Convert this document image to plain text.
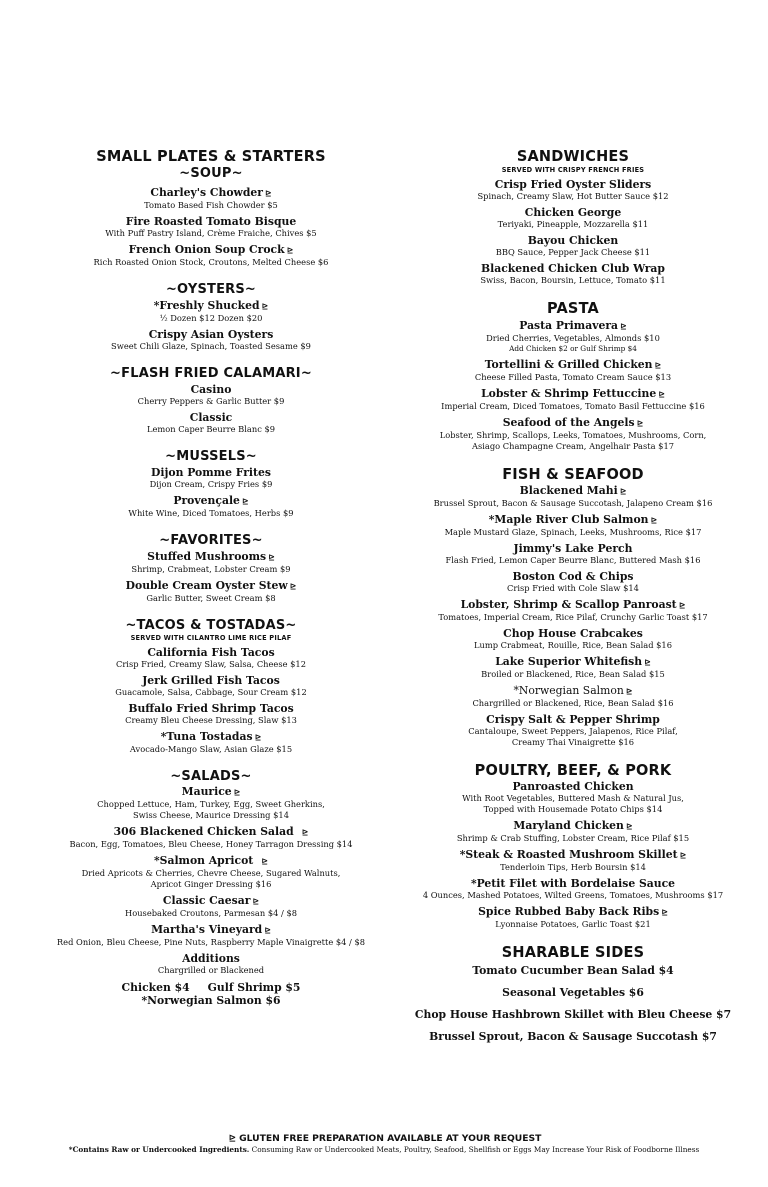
SMALL PLATES & STARTERS
~SOUP~
Charley's Chowder ⊵
Tomato Based Fish Chowder $5
Fire Roasted Tomato Bisque
With Puff Pastry Island, Crème Fraiche, Chives $5
French Onion Soup Crock ⊵
Rich Roasted Onion Stock, Croutons, Melted Cheese $6
~OYSTERS~
*Freshly Shucked ⊵
½ Dozen $12 Dozen $20
Crispy Asian Oysters
Sweet Chili Glaze, Spinach, Toasted Sesame $9
~FLASH FRIED CALAMARI~
Casino
Cherry Peppers & Garlic Butter $9
Classic
Lemon Caper Beurre Blanc $9
~MUSSELS~
Dijon Pomme Frites
Dijon Cream, Crispy Fries $9
Provençale ⊵
White Wine, Diced Tomatoes, Herbs $9
~FAVORITES~
Stuffed Mushrooms ⊵
Shrimp, Crabmeat, Lobster Cream $9
Double Cream Oyster Stew ⊵
Garlic Butter, Sweet Cream $8
~TACOS & TOSTADAS~
SERVED WITH CILANTRO LIME RICE PILAF
California Fish Tacos
Crisp Fried, Creamy Slaw, Salsa, Cheese $12
Jerk Grilled Fish Tacos
Guacamole, Salsa, Cabbage, Sour Cream $12
Buffalo Fried Shrimp Tacos
Creamy Bleu Cheese Dressing, Slaw $13
*Tuna Tostadas ⊵
Avocado-Mango Slaw, Asian Glaze $15
~SALADS~
Maurice ⊵
Chopped Lettuce, Ham, Turkey, Egg, Sweet Gherkins,
Swiss Cheese, Maurice Dressing $14
306 Blackened Chicken Salad ⊵
Bacon, Egg, Tomatoes, Bleu Cheese, Honey Tarragon Dressing $14
*Salmon Apricot ⊵
Dried Apricots & Cherries, Chevre Cheese, Sugared Walnuts,
Apricot Ginger Dressing $16
Classic Caesar ⊵
Housebaked Croutons, Parmesan $4 / $8
Martha's Vineyard ⊵
Red Onion, Bleu Cheese, Pine Nuts, Raspberry Maple Vinaigrette $4 / $8
Additions
Chargrilled or Blackened
Chicken $4 Gulf Shrimp $5
*Norwegian Salmon $6
SANDWICHES
SERVED WITH CRISPY FRENCH FRIES
Crisp Fried Oyster Sliders
Spinach, Creamy Slaw, Hot Butter Sauce $12
Chicken George
Teriyaki, Pineapple, Mozzarella $11
Bayou Chicken
BBQ Sauce, Pepper Jack Cheese $11
Blackened Chicken Club Wrap
Swiss, Bacon, Boursin, Lettuce, Tomato $11
PASTA
Pasta Primavera ⊵
Dried Cherries, Vegetables, Almonds $10
Add Chicken $2 or Gulf Shrimp $4
Tortellini & Grilled Chicken ⊵
Cheese Filled Pasta, Tomato Cream Sauce $13
Lobster & Shrimp Fettuccine ⊵
Imperial Cream, Diced Tomatoes, Tomato Basil Fettuccine $16
Seafood of the Angels ⊵
Lobster, Shrimp, Scallops, Leeks, Tomatoes, Mushrooms, Corn,
Asiago Champagne Cream, Angelhair Pasta $17
FISH & SEAFOOD
Blackened Mahi ⊵
Brussel Sprout, Bacon & Sausage Succotash, Jalapeno Cream $16
*Maple River Club Salmon ⊵
Maple Mustard Glaze, Spinach, Leeks, Mushrooms, Rice $17
Jimmy's Lake Perch
Flash Fried, Lemon Caper Beurre Blanc, Buttered Mash $16
Boston Cod & Chips
Crisp Fried with Cole Slaw $14
Lobster, Shrimp & Scallop Panroast ⊵
Tomatoes, Imperial Cream, Rice Pilaf, Crunchy Garlic Toast $17
Chop House Crabcakes
Lump Crabmeat, Rouille, Rice, Bean Salad $16
Lake Superior Whitefish ⊵
Broiled or Blackened, Rice, Bean Salad $15
*Norwegian Salmon ⊵
Chargrilled or Blackened, Rice, Bean Salad $16
Crispy Salt & Pepper Shrimp
Cantaloupe, Sweet Peppers, Jalapenos, Rice Pilaf,
Creamy Thai Vinaigrette $16
POULTRY, BEEF, & PORK
Panroasted Chicken
With Root Vegetables, Buttered Mash & Natural Jus,
Topped with Housemade Potato Chips $14
Maryland Chicken ⊵
Shrimp & Crab Stuffing, Lobster Cream, Rice Pilaf $15
*Steak & Roasted Mushroom Skillet ⊵
Tenderloin Tips, Herb Boursin $14
*Petit Filet with Bordelaise Sauce
4 Ounces, Mashed Potatoes, Wilted Greens, Tomatoes, Mushrooms $17
Spice Rubbed Baby Back Ribs ⊵
Lyonnaise Potatoes, Garlic Toast $21
SHARABLE SIDES
Tomato Cucumber Bean Salad $4
Seasonal Vegetables $6
Chop House Hashbrown Skillet with Bleu Cheese $7
Brussel Sprout, Bacon & Sausage Succotash $7
⊵ GLUTEN FREE PREPARATION AVAILABLE AT YOUR REQUEST
*Contains Raw or Undercooked Ingredients. Consuming Raw or Undercooked Meats, Poultry, Seafood, Shellfish or Eggs May Increase Your Risk of Foodborne Illness
